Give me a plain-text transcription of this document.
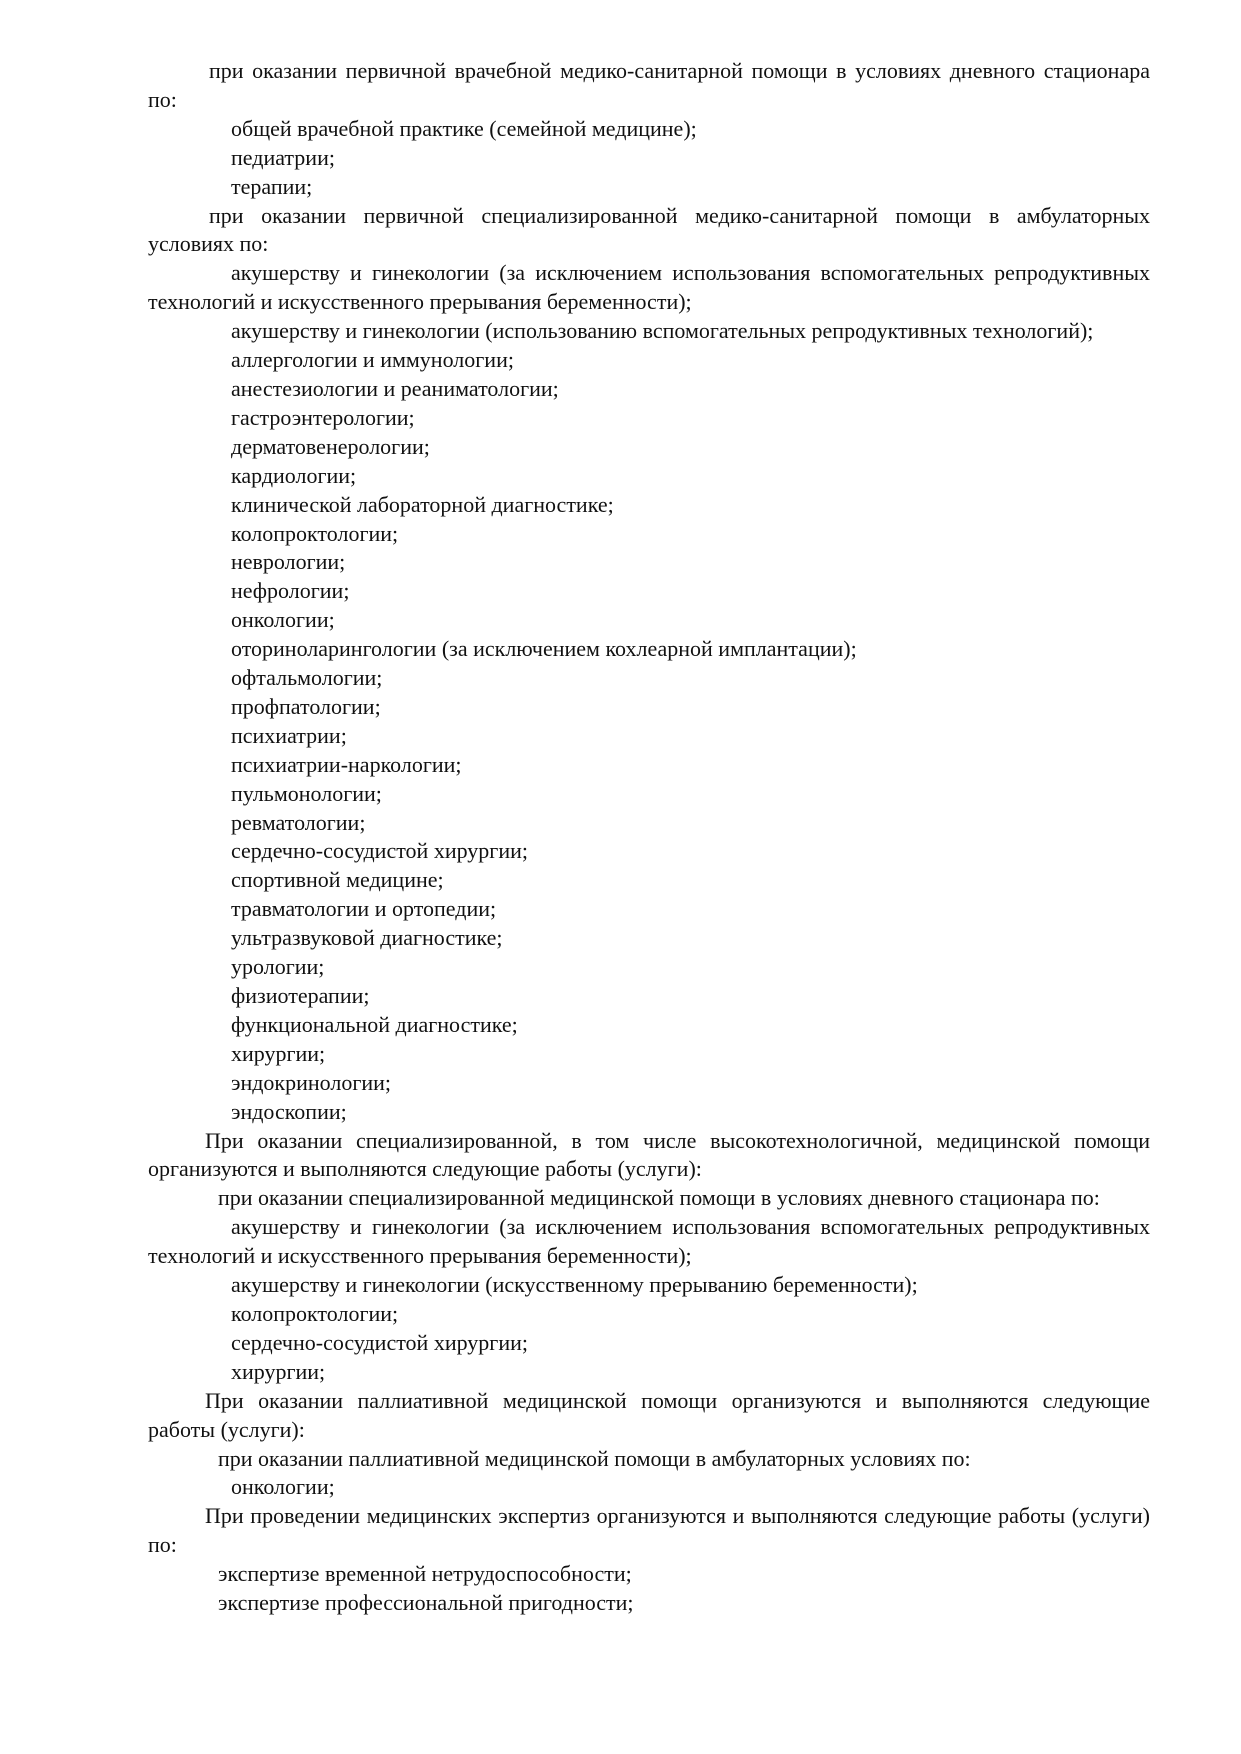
при оказании первичной врачебной медико-санитарной помощи в условиях дневного стационара по:

общей врачебной практике (семейной медицине);

педиатрии;

терапии;

при оказании первичной специализированной медико-санитарной помощи в амбулаторных условиях по:

акушерству и гинекологии (за исключением использования вспомогательных репродуктивных технологий и искусственного прерывания беременности);

акушерству и гинекологии (использованию вспомогательных репродуктивных технологий);

аллергологии и иммунологии;

анестезиологии и реаниматологии;

гастроэнтерологии;

дерматовенерологии;

кардиологии;

клинической лабораторной диагностике;

колопроктологии;

неврологии;

нефрологии;

онкологии;

оториноларингологии (за исключением кохлеарной имплантации);

офтальмологии;

профпатологии;

психиатрии;

психиатрии-наркологии;

пульмонологии;

ревматологии;

сердечно-сосудистой хирургии;

спортивной медицине;

травматологии и ортопедии;

ультразвуковой диагностике;

урологии;

физиотерапии;

функциональной диагностике;

хирургии;

эндокринологии;

эндоскопии;

При оказании специализированной, в том числе высокотехнологичной, медицинской помощи организуются и выполняются следующие работы (услуги):

при оказании специализированной медицинской помощи в условиях дневного стационара по:

акушерству и гинекологии (за исключением использования вспомогательных репродуктивных технологий и искусственного прерывания беременности);

акушерству и гинекологии (искусственному прерыванию беременности);

колопроктологии;

сердечно-сосудистой хирургии;

хирургии;

При оказании паллиативной медицинской помощи организуются и выполняются следующие работы (услуги):

при оказании паллиативной медицинской помощи в амбулаторных условиях по:

онкологии;

При проведении медицинских экспертиз организуются и выполняются следующие работы (услуги) по:

экспертизе временной нетрудоспособности;

экспертизе профессиональной пригодности;
